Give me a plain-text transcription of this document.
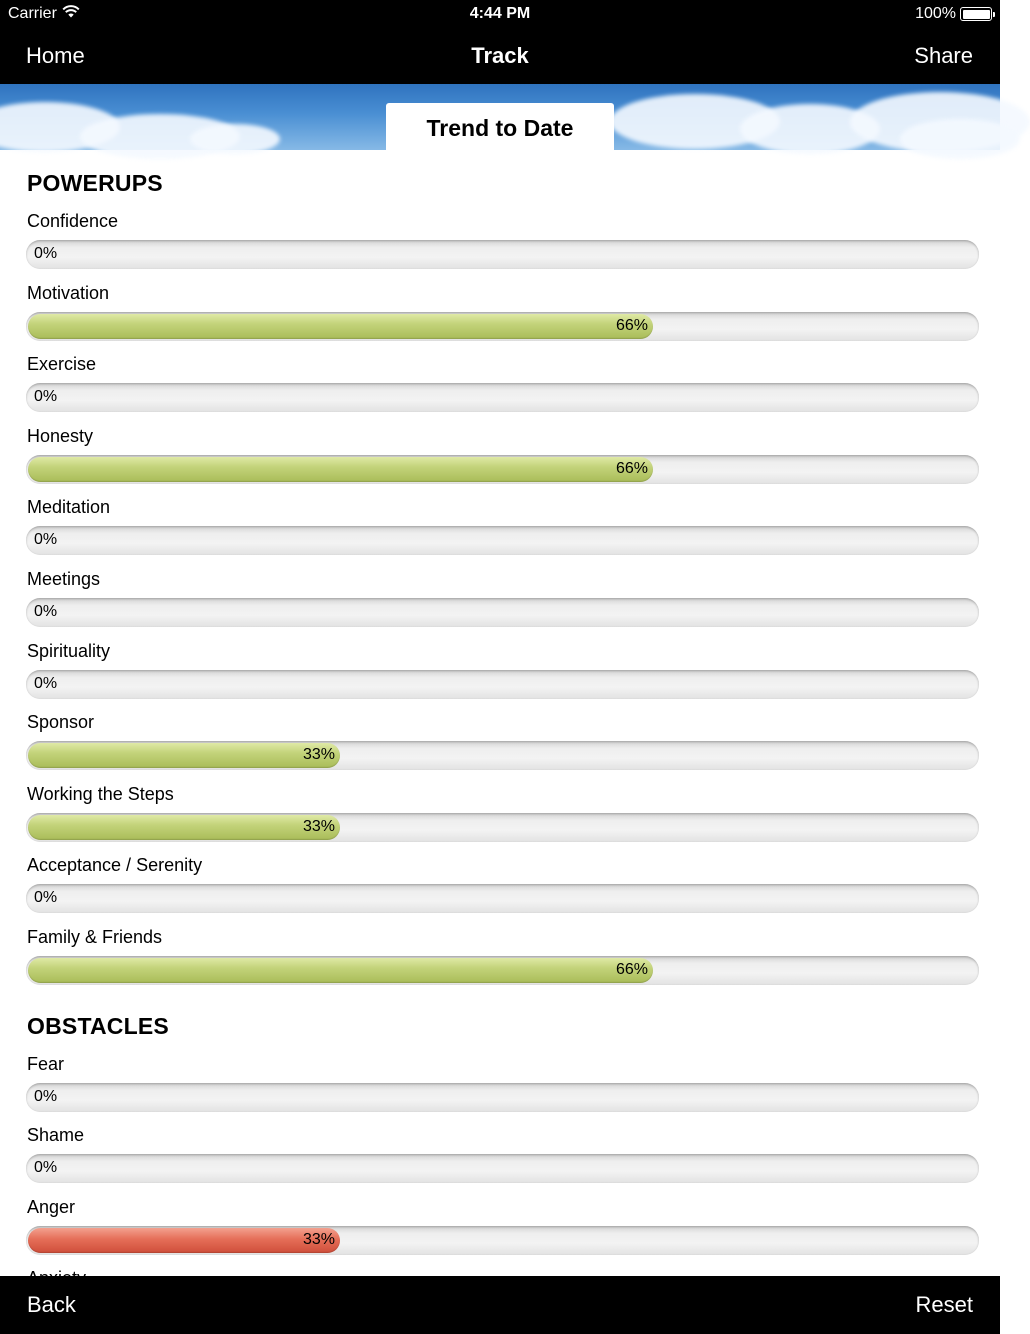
Carrier	4:44 PM	100%
Home	Track	Share
Trend to Date
POWERUPS
Confidence
0%
Motivation
66%
Exercise
0%
Honesty
66%
Meditation
0%
Meetings
0%
Spirituality
0%
Sponsor
33%
Working the Steps
33%
Acceptance / Serenity
0%
Family & Friends
66%
OBSTACLES
Fear
0%
Shame
0%
Anger
33%
Back	Reset
